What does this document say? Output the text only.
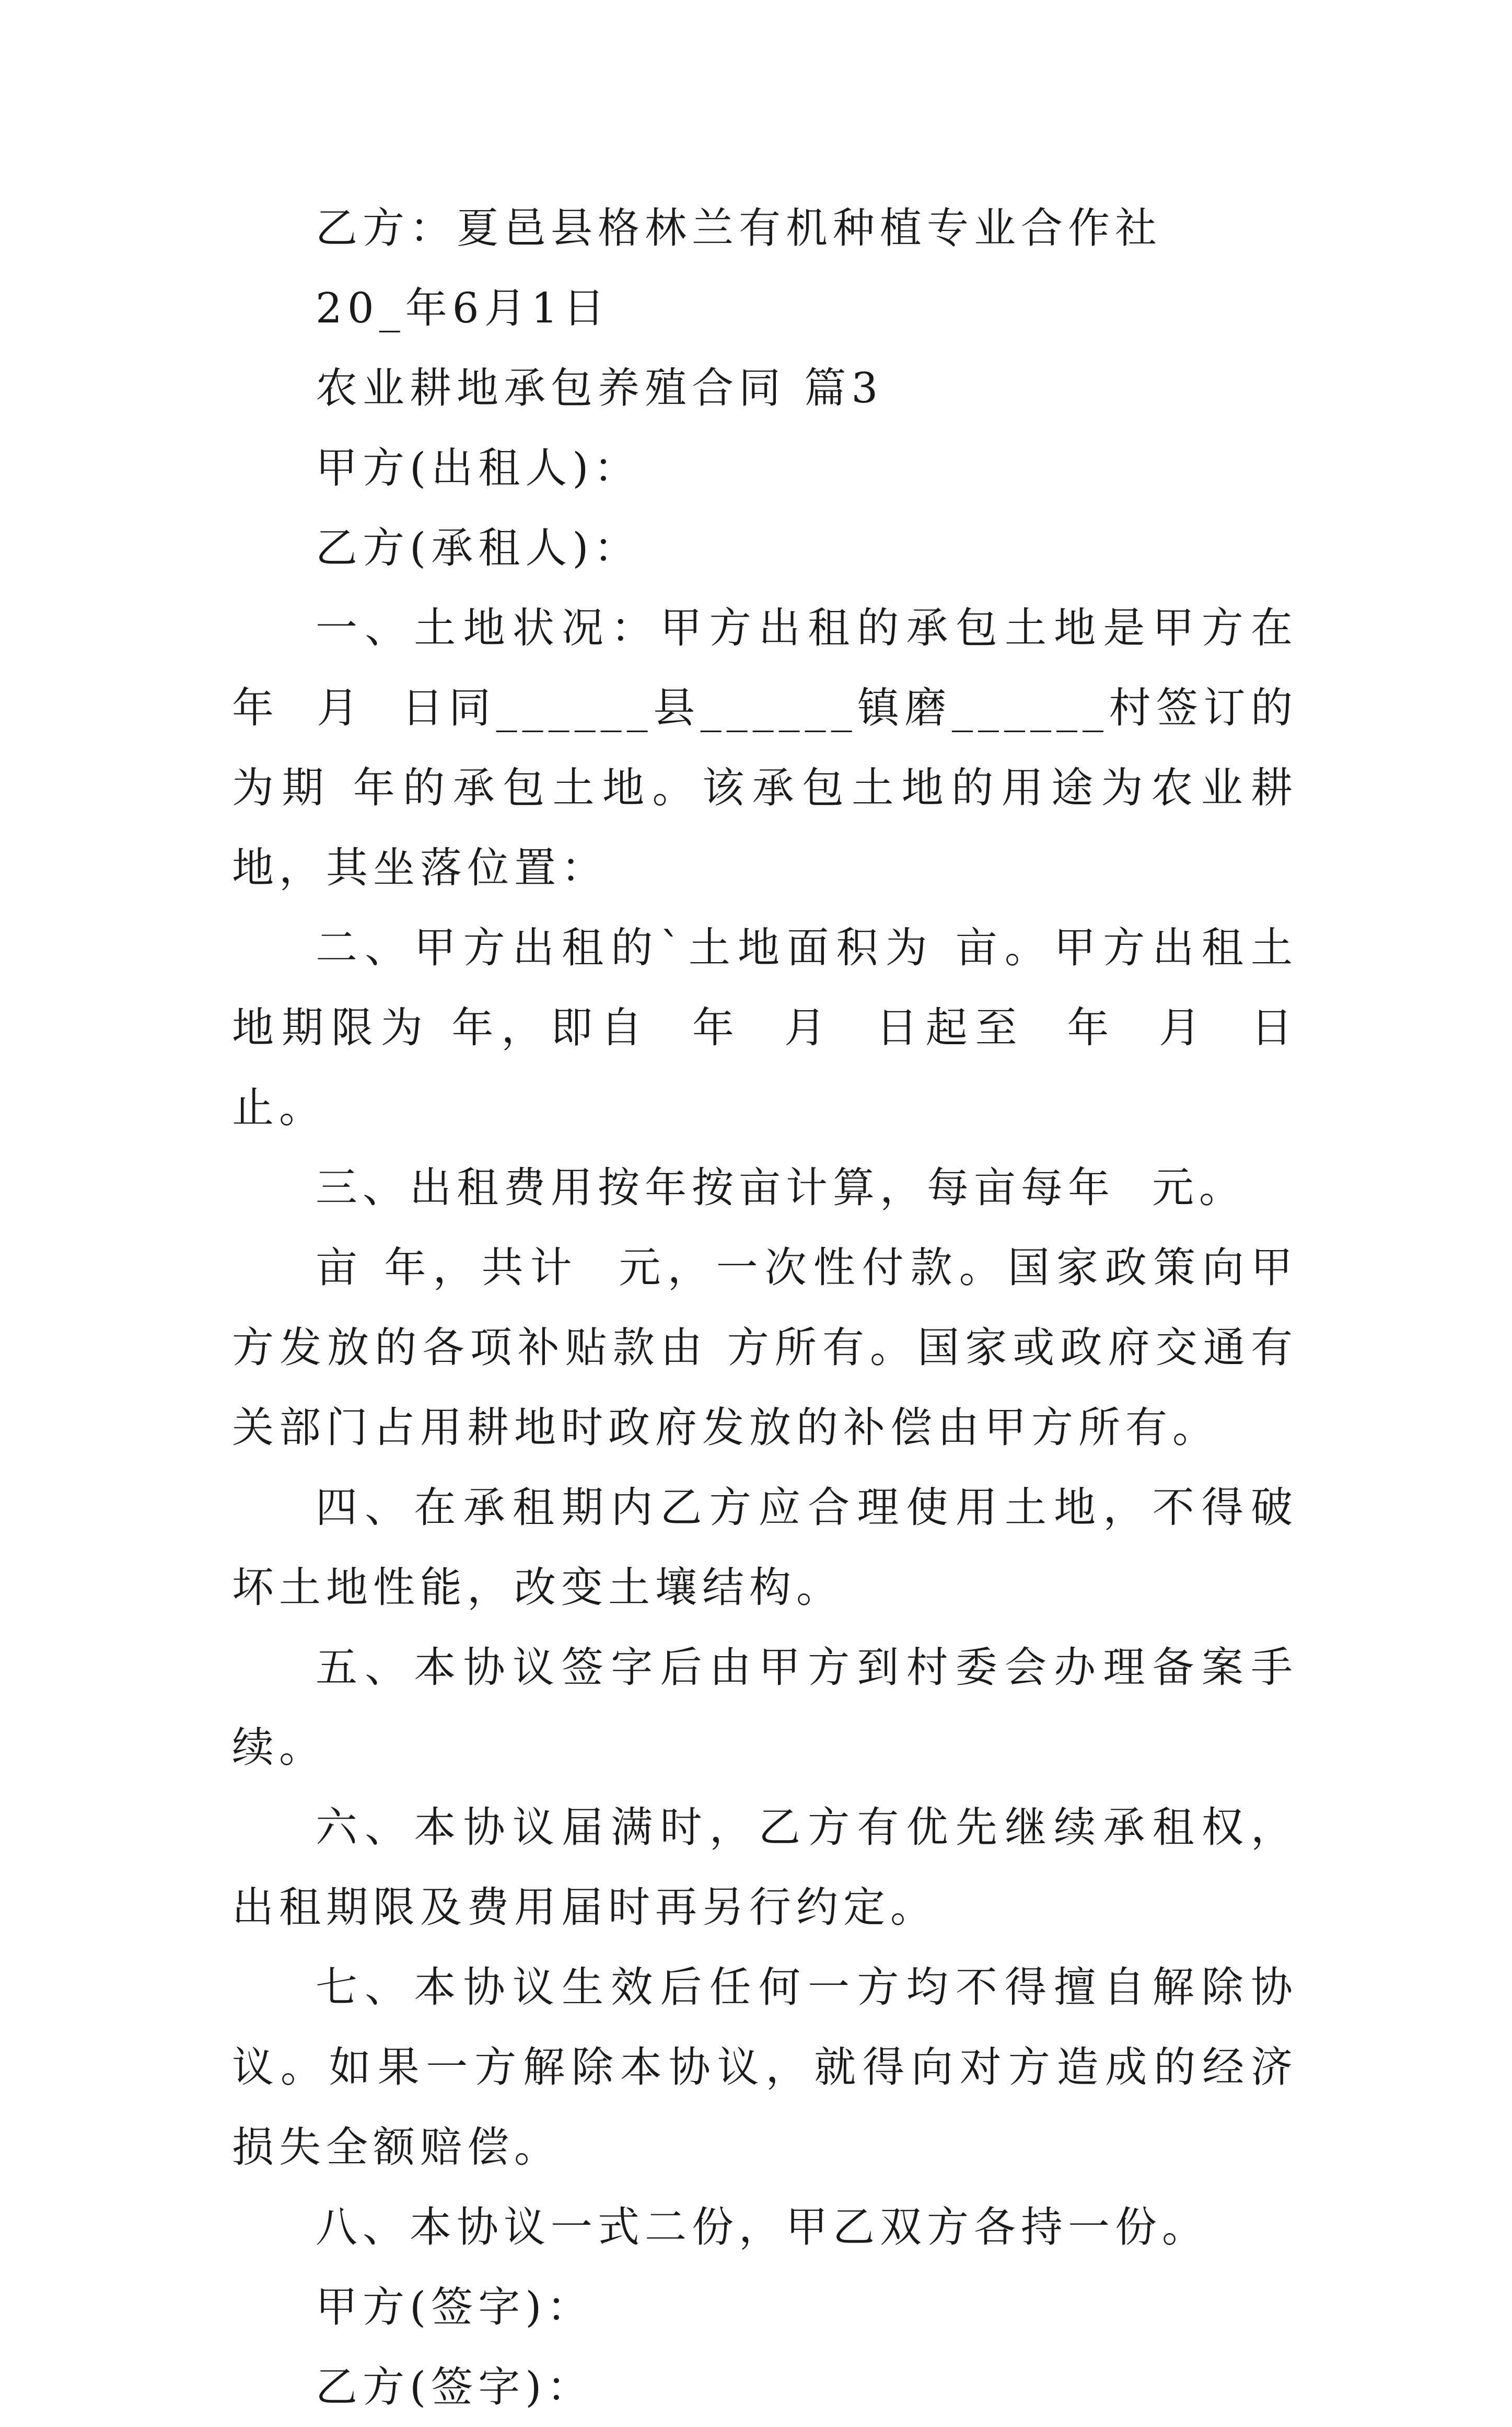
乙方：夏邑县格林兰有机种植专业合作社

20_年6月1日

农业耕地承包养殖合同 篇3

甲方(出租人)：

乙方(承租人)：

一、土地状况：甲方出租的承包土地是甲方在  年  月  日同______县______镇磨______村签订的为期 年的承包土地。该承包土地的用途为农业耕地，其坐落位置：

二、甲方出租的`土地面积为 亩。甲方出租土地期限为 年，即自  年  月  日起至  年  月  日止。

三、出租费用按年按亩计算，每亩每年  元。

亩 年，共计  元，一次性付款。国家政策向甲方发放的各项补贴款由 方所有。国家或政府交通有关部门占用耕地时政府发放的补偿由甲方所有。

四、在承租期内乙方应合理使用土地，不得破坏土地性能，改变土壤结构。

五、本协议签字后由甲方到村委会办理备案手续。

六、本协议届满时，乙方有优先继续承租权，出租期限及费用届时再另行约定。

七、本协议生效后任何一方均不得擅自解除协议。如果一方解除本协议，就得向对方造成的经济损失全额赔偿。

八、本协议一式二份，甲乙双方各持一份。

甲方(签字)：

乙方(签字)：
